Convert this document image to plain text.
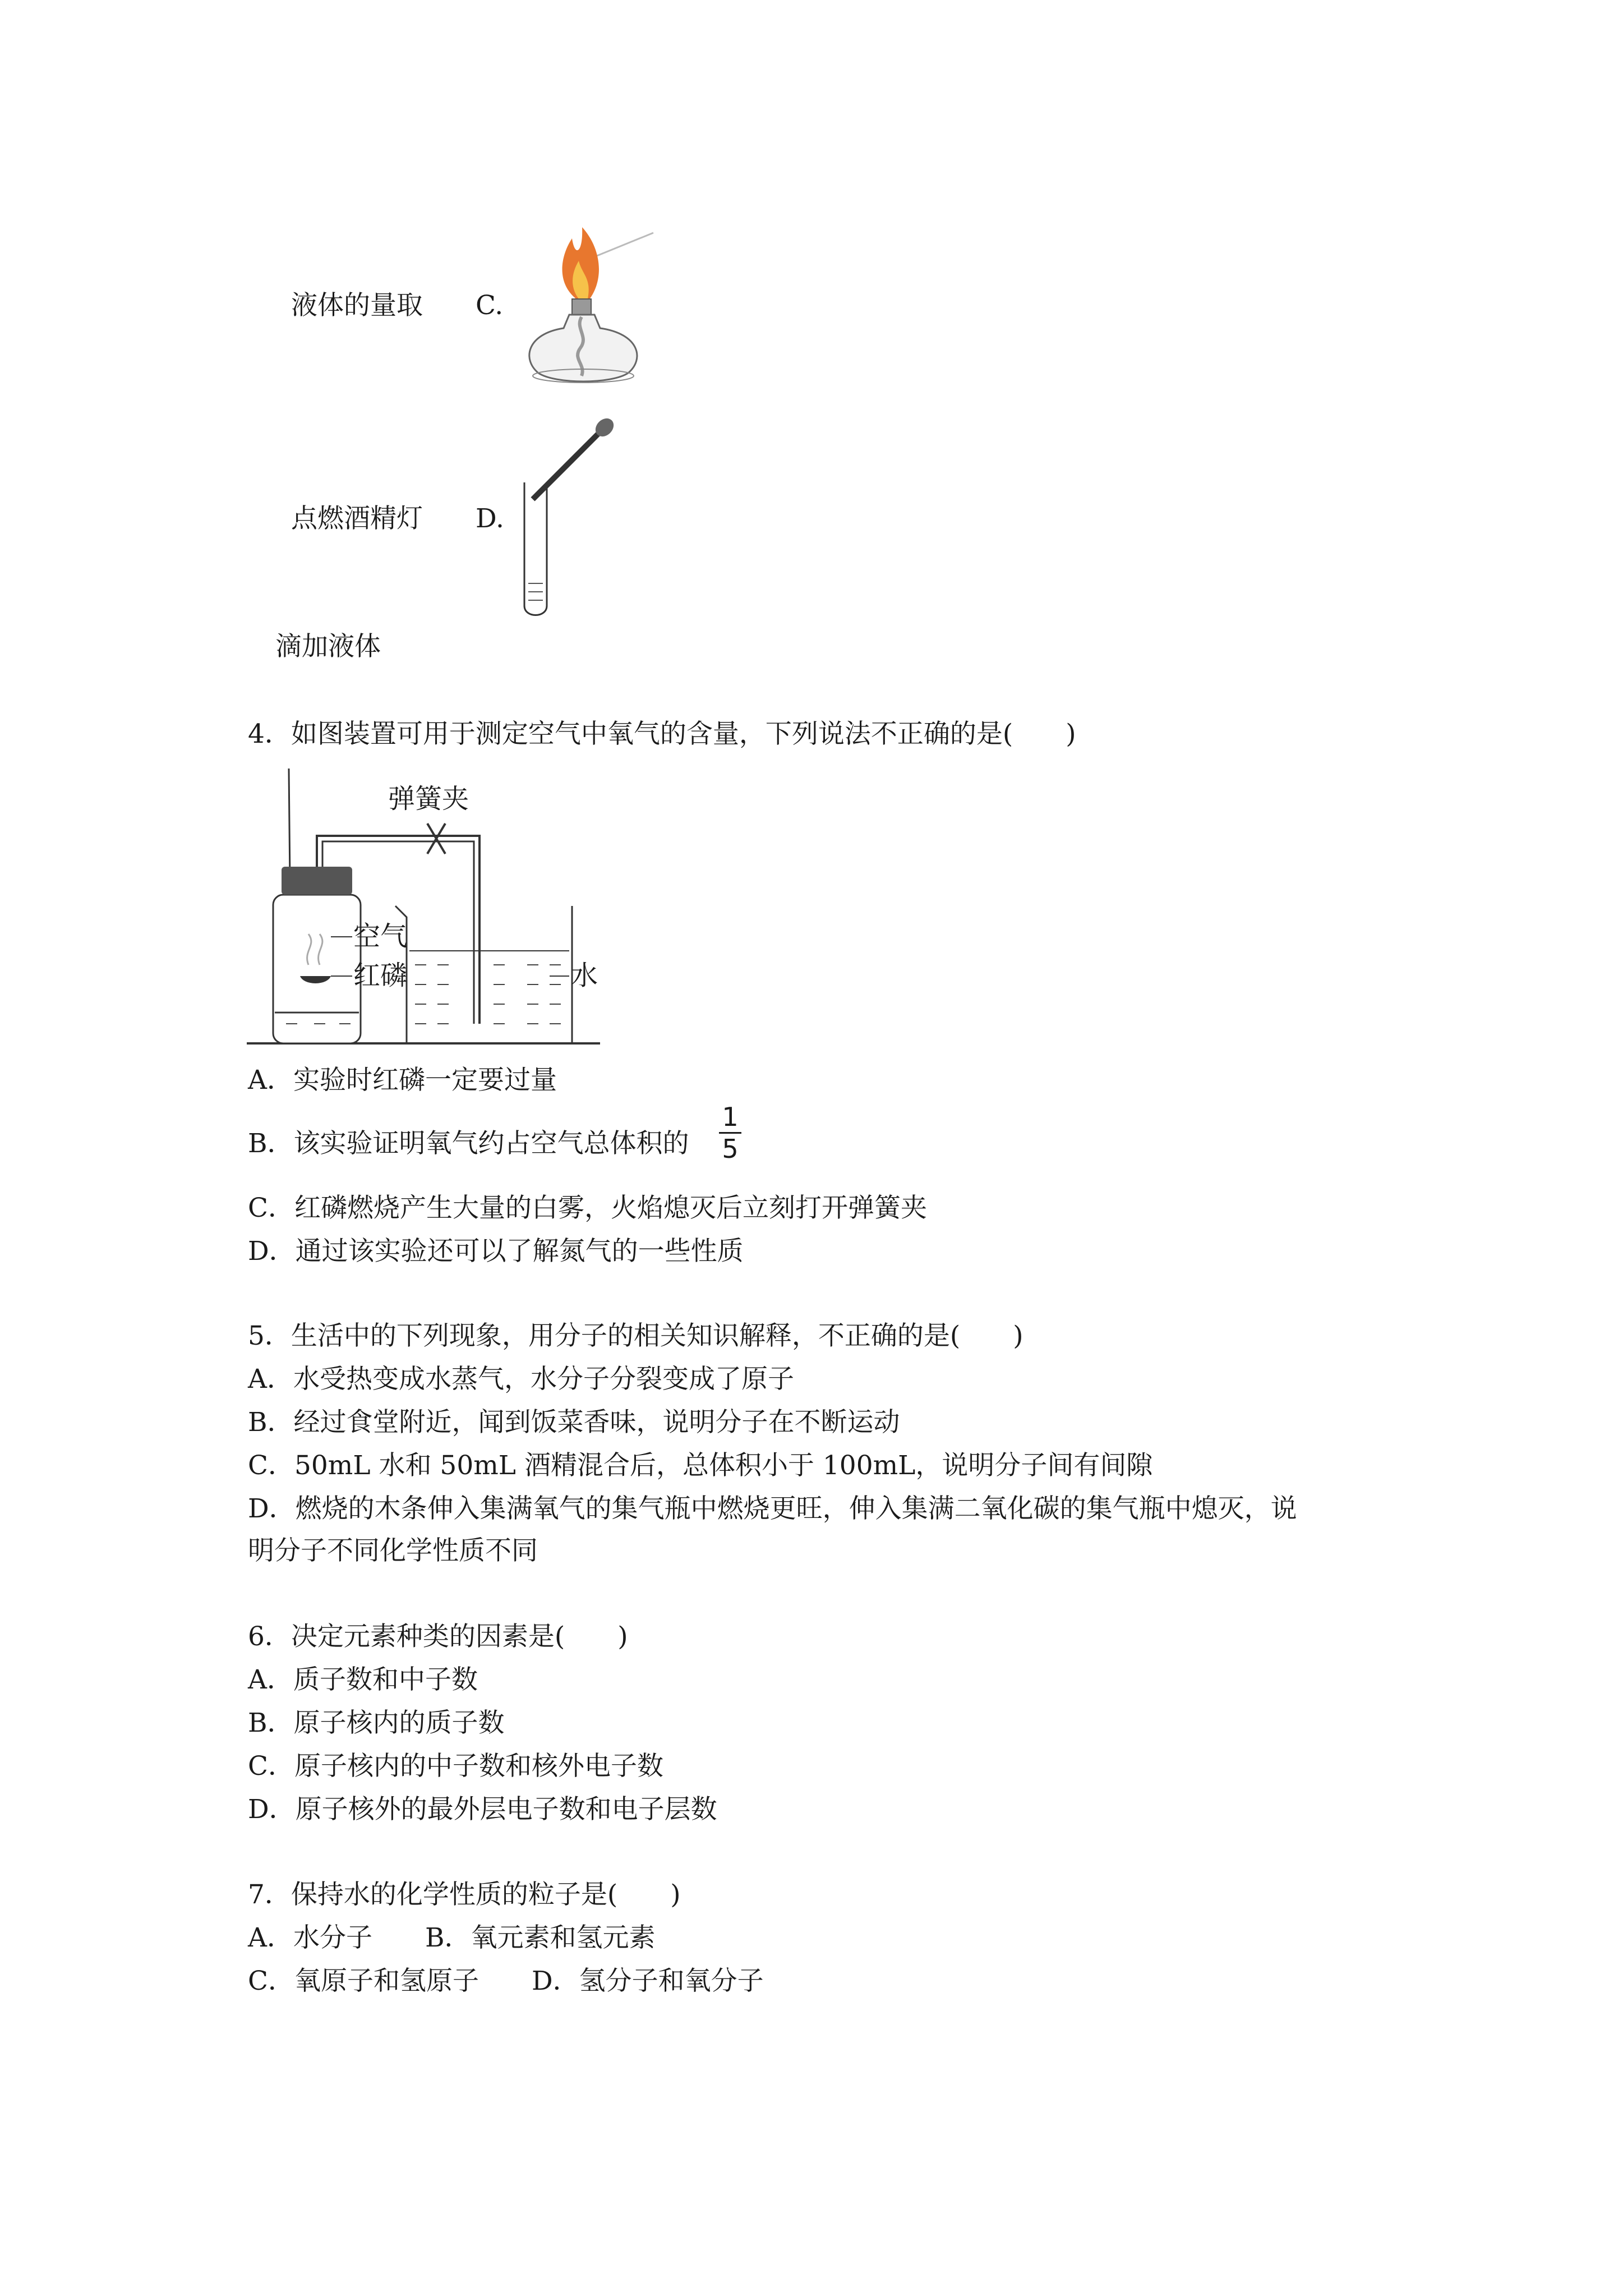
液体的量取 C.
点燃酒精灯 D.
滴加液体
4．如图装置可用于测定空气中氧气的含量，下列说法不正确的是(　　)
弹簧夹
空气
红磷	水
A．实验时红磷一定要过量
B．该实验证明氧气约占空气总体积的
1
5
C．红磷燃烧产生大量的白雾，火焰熄灭后立刻打开弹簧夹
D．通过该实验还可以了解氮气的一些性质
5．生活中的下列现象，用分子的相关知识解释，不正确的是(　　)
A．水受热变成水蒸气，水分子分裂变成了原子
B．经过食堂附近，闻到饭菜香味，说明分子在不断运动
C．50mL 水和 50mL 酒精混合后，总体积小于 100mL，说明分子间有间隙
D．燃烧的木条伸入集满氧气的集气瓶中燃烧更旺，伸入集满二氧化碳的集气瓶中熄灭，说
明分子不同化学性质不同
6．决定元素种类的因素是(　　)
A．质子数和中子数
B．原子核内的质子数
C．原子核内的中子数和核外电子数
D．原子核外的最外层电子数和电子层数
7．保持水的化学性质的粒子是(　　)
A．水分子　　B．氧元素和氢元素
C．氧原子和氢原子　　D．氢分子和氧分子
